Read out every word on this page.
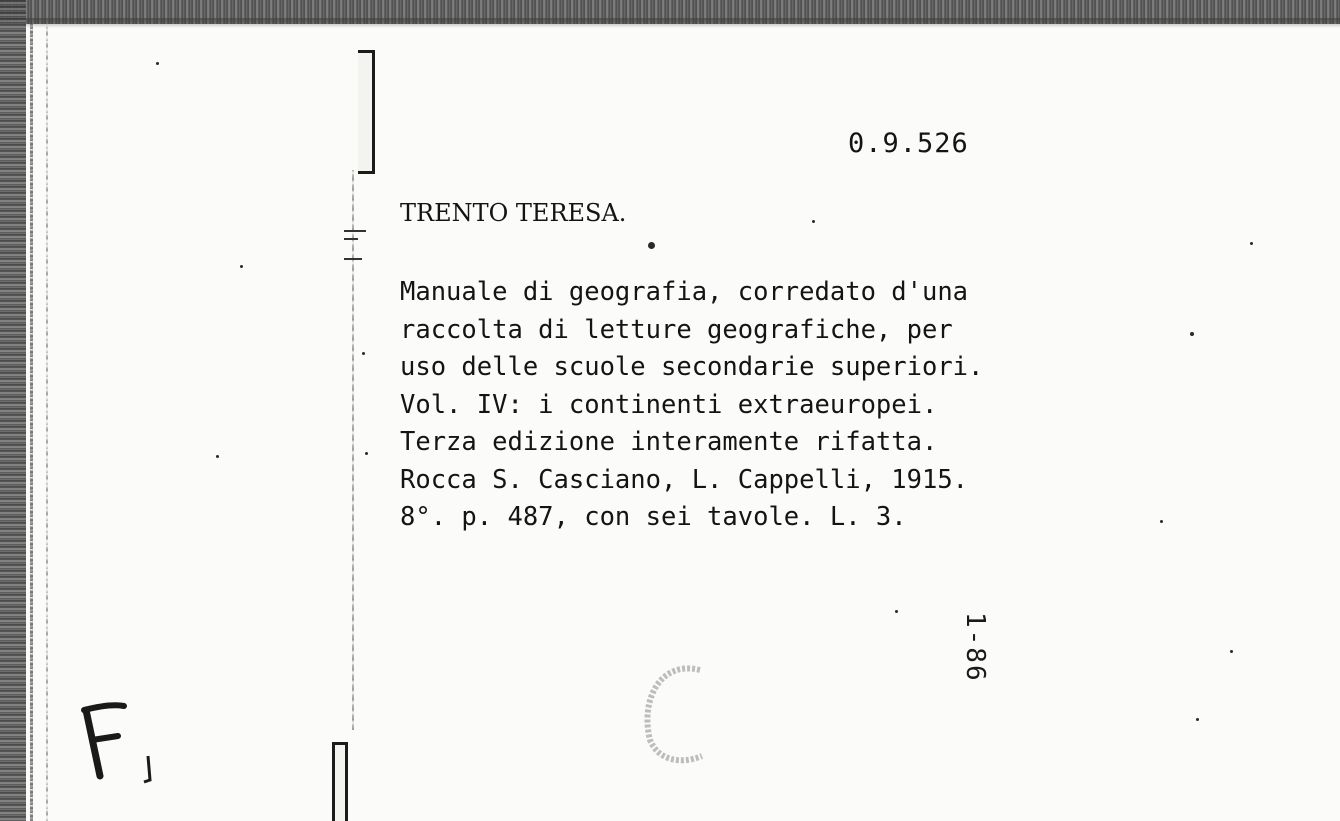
0.9.526
TRENTO TERESA.
Manuale di geografia, corredato d'una
raccolta di letture geografiche, per
uso delle scuole secondarie superiori.
Vol. IV: i continenti extraeuropei.
Terza edizione interamente rifatta.
Rocca S. Casciano, L. Cappelli, 1915.
8°. p. 487, con sei tavole. L. 3.
1-86
